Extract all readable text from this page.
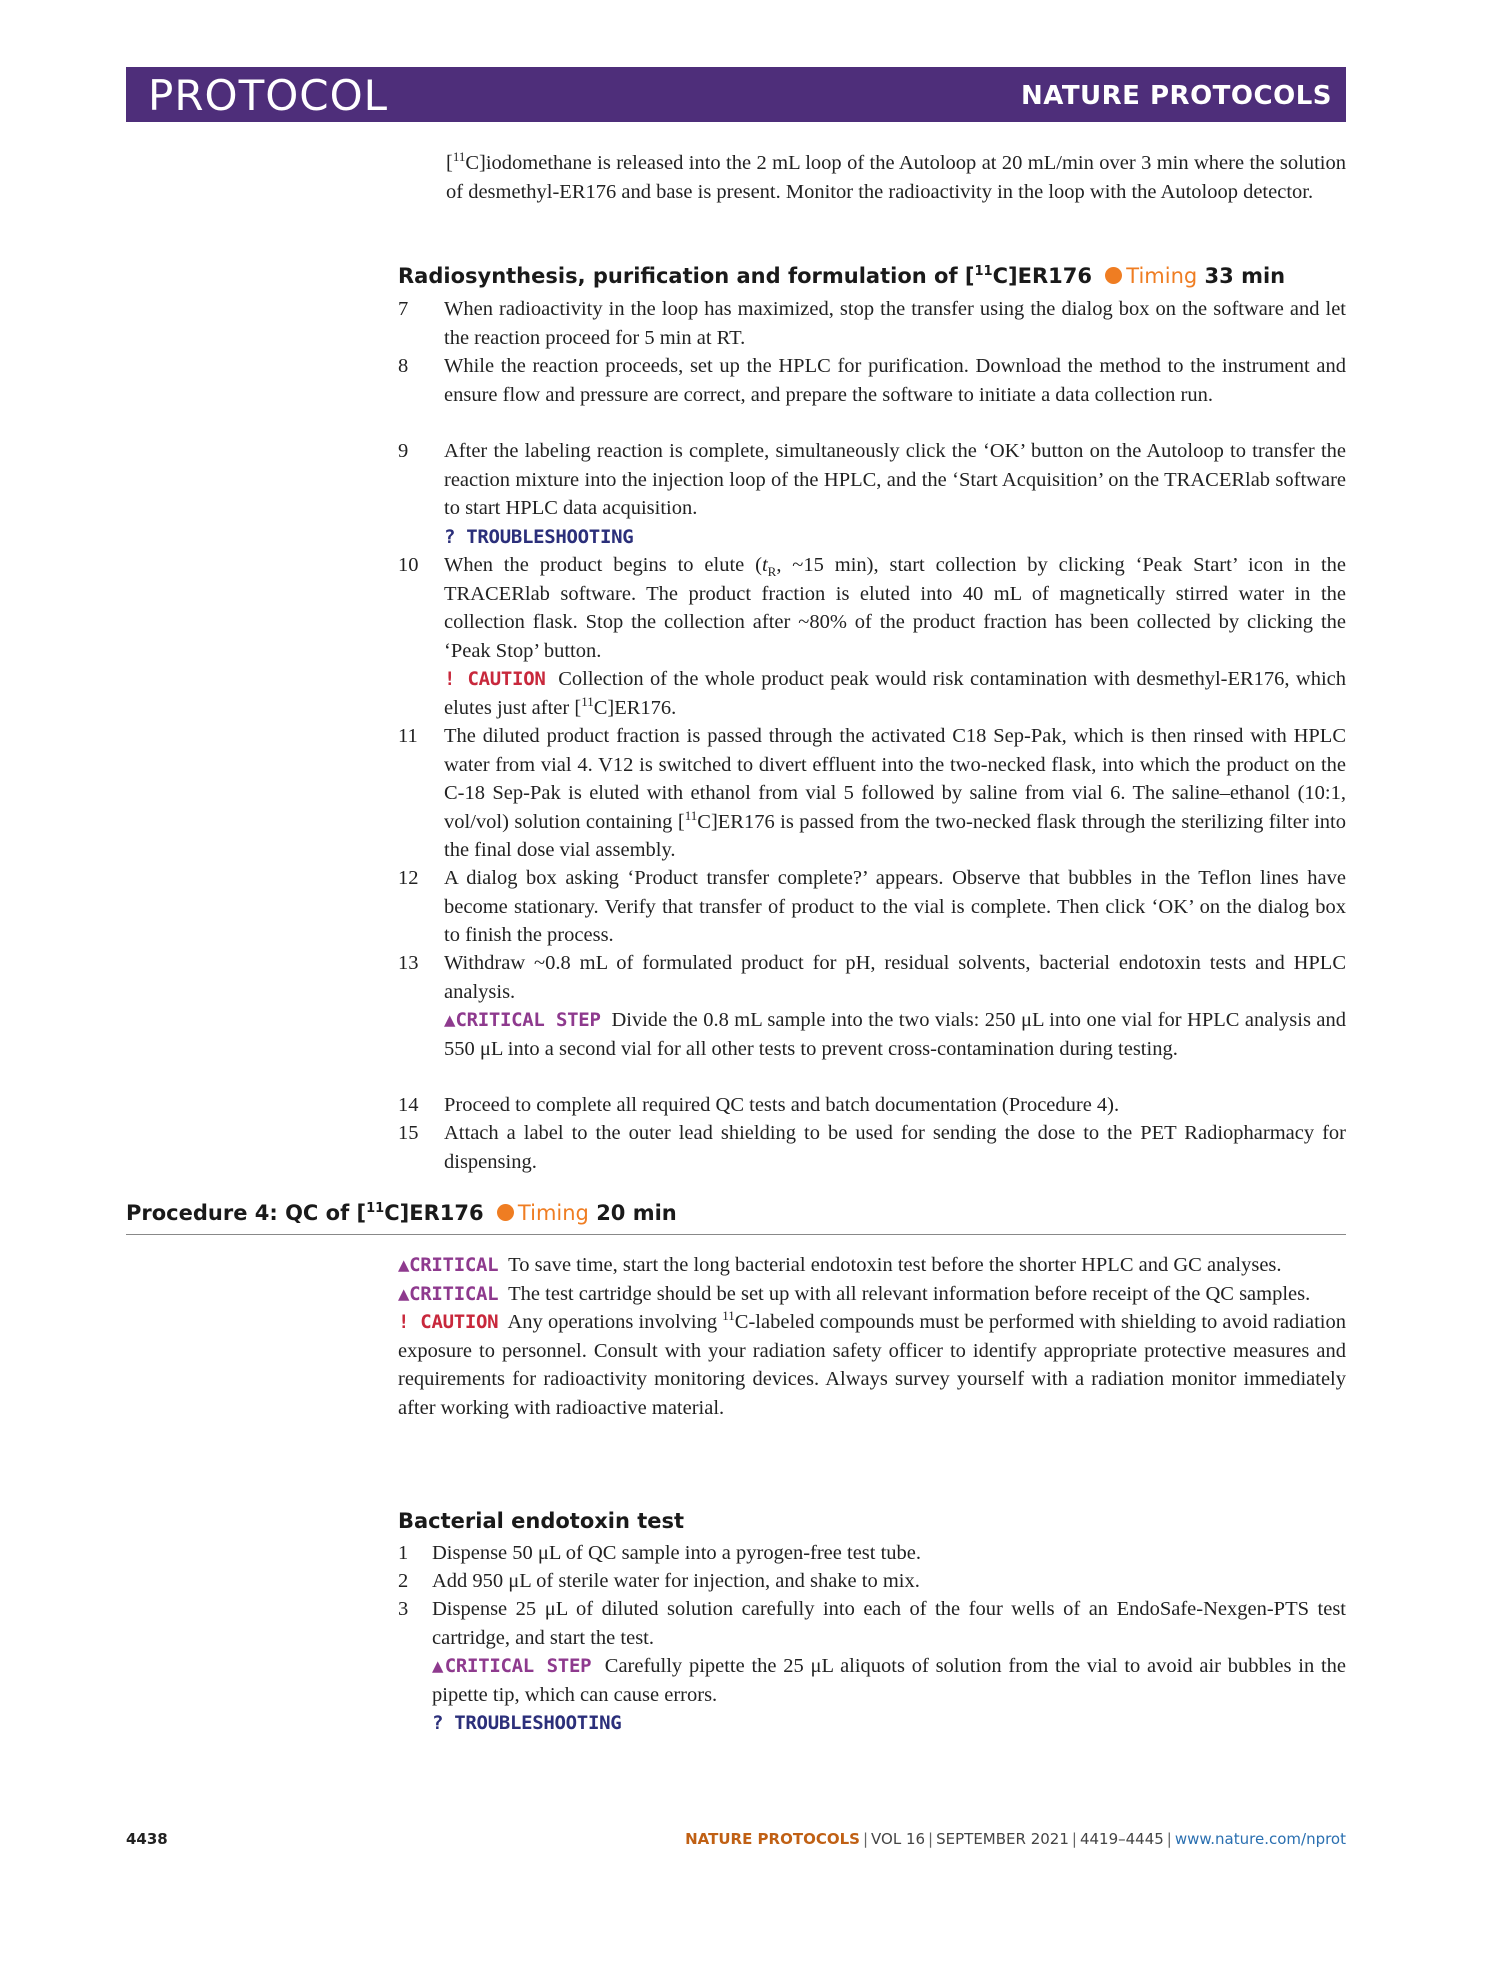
PROTOCOL	NATURE PROTOCOLS

[$^{11}$C]iodomethane is released into the 2 mL loop of the Autoloop at 20 mL/min over 3 min where the solution of desmethyl-ER176 and base is present. Monitor the radioactivity in the loop with the Autoloop detector.

Radiosynthesis, purification and formulation of [$^{11}$C]ER176 Timing 33 min
7	When radioactivity in the loop has maximized, stop the transfer using the dialog box on the software and let the reaction proceed for 5 min at RT.

8	While the reaction proceeds, set up the HPLC for purification. Download the method to the instrument and ensure flow and pressure are correct, and prepare the software to initiate a data collection run.

9	After the labeling reaction is complete, simultaneously click the ‘OK’ button on the Autoloop to transfer the reaction mixture into the injection loop of the HPLC, and the ‘Start Acquisition’ on the TRACERlab software to start HPLC data acquisition.

? TROUBLESHOOTING

10	When the product begins to elute ($t_R$, ~15 min), start collection by clicking ‘Peak Start’ icon in the TRACERlab software. The product fraction is eluted into 40 mL of magnetically stirred water in the collection flask. Stop the collection after ~80% of the product fraction has been collected by clicking the ‘Peak Stop’ button.

! CAUTION Collection of the whole product peak would risk contamination with desmethyl-ER176, which elutes just after [$^{11}$C]ER176.

11	The diluted product fraction is passed through the activated C18 Sep-Pak, which is then rinsed with HPLC water from vial 4. V12 is switched to divert effluent into the two-necked flask, into which the product on the C-18 Sep-Pak is eluted with ethanol from vial 5 followed by saline from vial 6. The saline–ethanol (10:1, vol/vol) solution containing [$^{11}$C]ER176 is passed from the two-necked flask through the sterilizing filter into the final dose vial assembly.

12	A dialog box asking ‘Product transfer complete?’ appears. Observe that bubbles in the Teflon lines have become stationary. Verify that transfer of product to the vial is complete. Then click ‘OK’ on the dialog box to finish the process.

13	Withdraw ~0.8 mL of formulated product for pH, residual solvents, bacterial endotoxin tests and HPLC analysis.

▲CRITICAL STEP Divide the 0.8 mL sample into the two vials: 250 μL into one vial for HPLC analysis and 550 μL into a second vial for all other tests to prevent cross-contamination during testing.

14	Proceed to complete all required QC tests and batch documentation (Procedure 4).

15	Attach a label to the outer lead shielding to be used for sending the dose to the PET Radiopharmacy for dispensing.

Procedure 4: QC of [$^{11}$C]ER176 Timing 20 min

▲CRITICAL To save time, start the long bacterial endotoxin test before the shorter HPLC and GC analyses.

▲CRITICAL The test cartridge should be set up with all relevant information before receipt of the QC samples.

! CAUTION Any operations involving $^{11}$C-labeled compounds must be performed with shielding to avoid radiation exposure to personnel. Consult with your radiation safety officer to identify appropriate protective measures and requirements for radioactivity monitoring devices. Always survey yourself with a radiation monitor immediately after working with radioactive material.

Bacterial endotoxin test
1	Dispense 50 μL of QC sample into a pyrogen-free test tube.

2	Add 950 μL of sterile water for injection, and shake to mix.

3	Dispense 25 μL of diluted solution carefully into each of the four wells of an EndoSafe-Nexgen-PTS test cartridge, and start the test.

▲CRITICAL STEP Carefully pipette the 25 μL aliquots of solution from the vial to avoid air bubbles in the pipette tip, which can cause errors.

? TROUBLESHOOTING

4438	NATURE PROTOCOLS | VOL 16 | SEPTEMBER 2021 | 4419–4445 | www.nature.com/nprot
